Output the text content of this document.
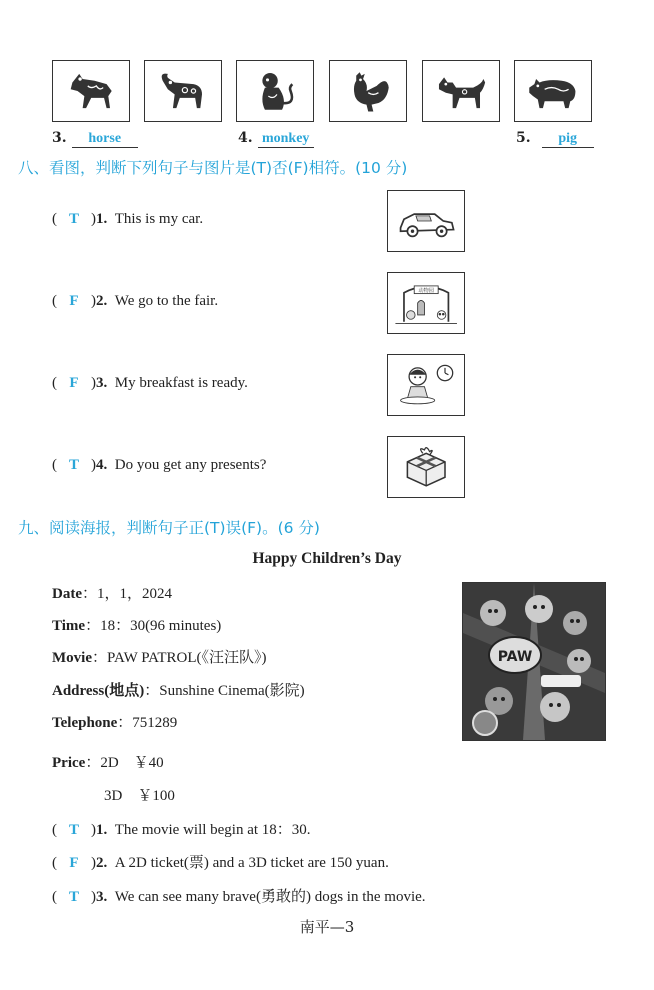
3. horse	4. monkey	5. pig
八、看图，判断下列句子与图片是(T)否(F)相符。(10 分)
( T )1. This is my car.
( F )2. We go to the fair.
( F )3. My breakfast is ready.
( T )4. Do you get any presents?
动物园
九、阅读海报，判断句子正(T)误(F)。(6 分)
Happy Children’s Day
Date：1，1，2024
Time：18：30(96 minutes)
Movie：PAW PATROL(《汪汪队》)
Address(地点)：Sunshine Cinema(影院)
Telephone：751289
Price：2D　￥40
3D　￥100
PAW
( T )1. The movie will begin at 18：30.
( F )2. A 2D ticket(票) and a 3D ticket are 150 yuan.
( T )3. We can see many brave(勇敢的) dogs in the movie.
南平—3
